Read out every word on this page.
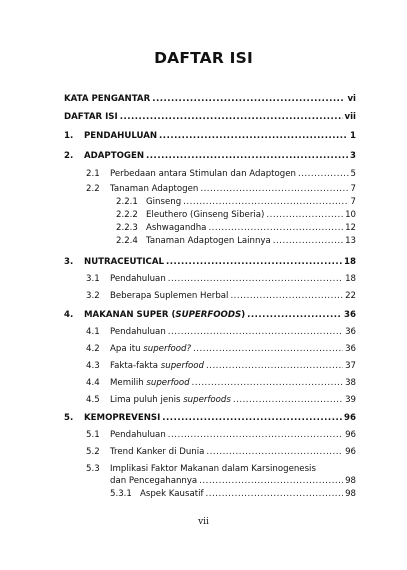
DAFTAR ISI
KATA PENGANTAR .....	vi
DAFTAR ISI .....	vii
1.	PENDAHULUAN .....	1
2.	ADAPTOGEN .....	3
2.1	Perbedaan antara Stimulan dan Adaptogen .....	5
2.2	Tanaman Adaptogen .....	7
2.2.1 Ginseng .....	7
2.2.2 Eleuthero (Ginseng Siberia) .....	10
2.2.3 Ashwagandha .....	12
2.2.4 Tanaman Adaptogen Lainnya .....	13
3.	NUTRACEUTICAL .....	18
3.1	Pendahuluan .....	18
3.2	Beberapa Suplemen Herbal .....	22
4.	MAKANAN SUPER (SUPERFOODS) .....	36
4.1	Pendahuluan .....	36
4.2	Apa itu superfood? .....	36
4.3	Fakta-fakta superfood .....	37
4.4	Memilih superfood .....	38
4.5	Lima puluh jenis superfoods .....	39
5.	KEMOPREVENSI .....	96
5.1	Pendahuluan .....	96
5.2	Trend Kanker di Dunia .....	96
5.3	Implikasi Faktor Makanan dalam Karsinogenesis
dan Pencegahannya .....	98
5.3.1 Aspek Kausatif .....	98
vii
